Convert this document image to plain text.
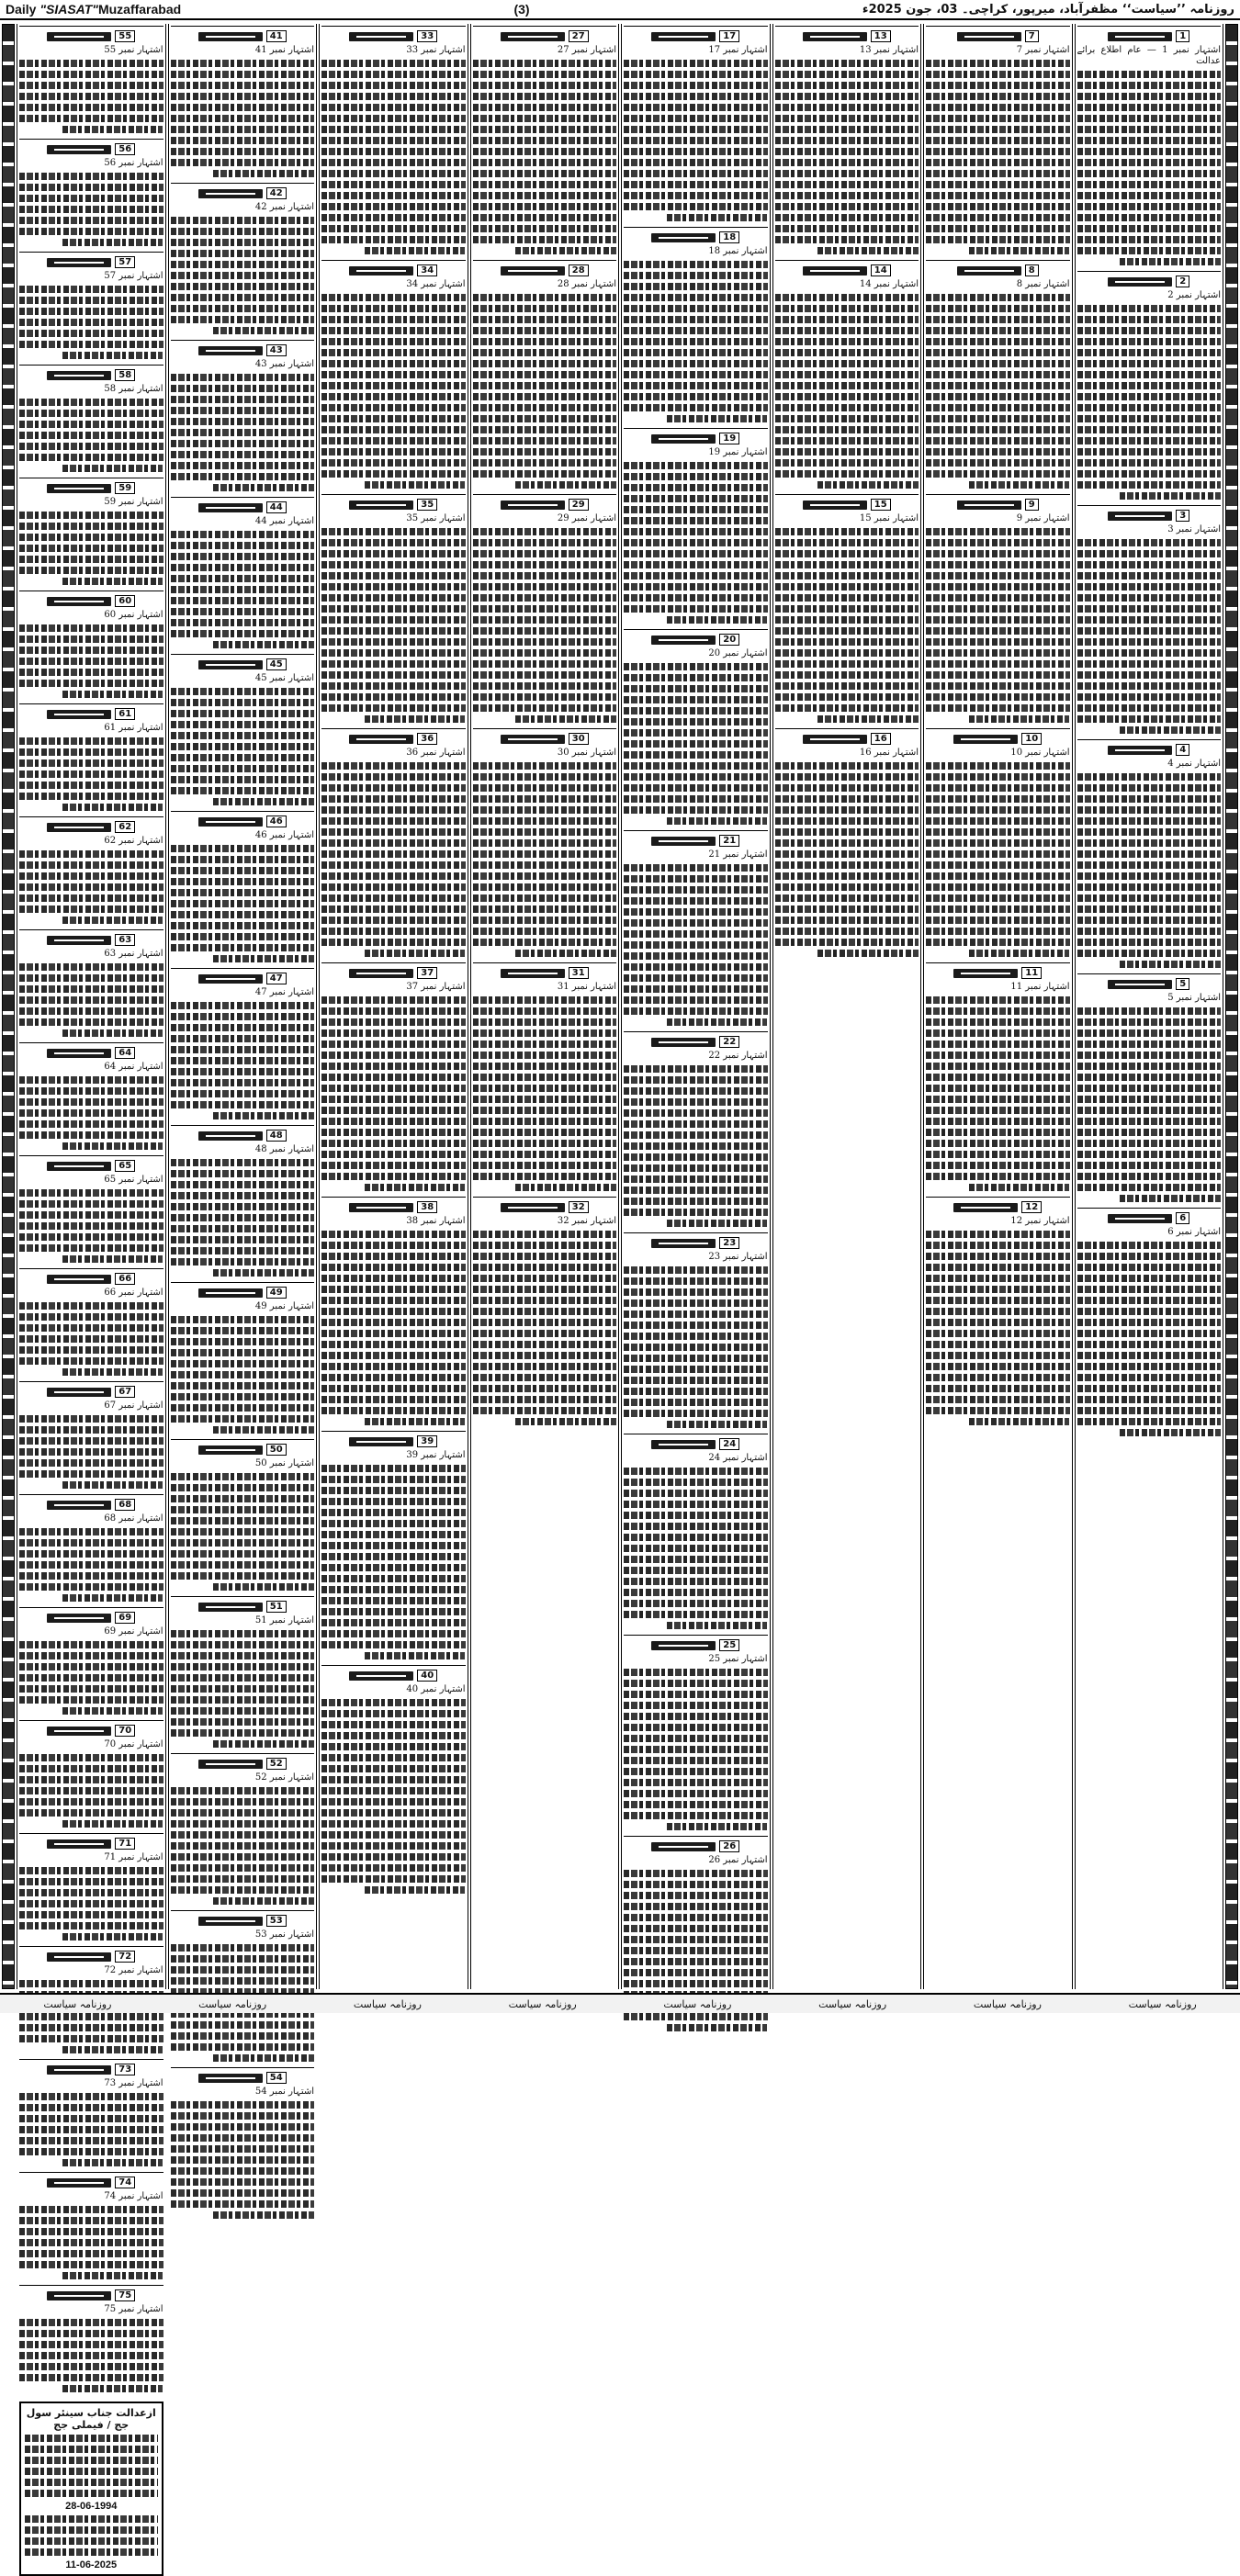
Daily "SIASAT"Muzaffarabad	(3)	روزنامہ ’’سیاست‘‘ مظفرآباد، میرپور، کراچی۔ 03، جون 2025ء
1
اشتہار نمبر 1 — عام اطلاع برائے عدالت
2
اشتہار نمبر 2
3
اشتہار نمبر 3
4
اشتہار نمبر 4
5
اشتہار نمبر 5
6
اشتہار نمبر 6
7
اشتہار نمبر 7
8
اشتہار نمبر 8
9
اشتہار نمبر 9
10
اشتہار نمبر 10
11
اشتہار نمبر 11
12
اشتہار نمبر 12
13
اشتہار نمبر 13
14
اشتہار نمبر 14
15
اشتہار نمبر 15
16
اشتہار نمبر 16
17
اشتہار نمبر 17
18
اشتہار نمبر 18
19
اشتہار نمبر 19
20
اشتہار نمبر 20
21
اشتہار نمبر 21
22
اشتہار نمبر 22
23
اشتہار نمبر 23
24
اشتہار نمبر 24
25
اشتہار نمبر 25
26
اشتہار نمبر 26
27
اشتہار نمبر 27
28
اشتہار نمبر 28
29
اشتہار نمبر 29
30
اشتہار نمبر 30
31
اشتہار نمبر 31
32
اشتہار نمبر 32
33
اشتہار نمبر 33
34
اشتہار نمبر 34
35
اشتہار نمبر 35
36
اشتہار نمبر 36
37
اشتہار نمبر 37
38
اشتہار نمبر 38
39
اشتہار نمبر 39
40
اشتہار نمبر 40
41
اشتہار نمبر 41
42
اشتہار نمبر 42
43
اشتہار نمبر 43
44
اشتہار نمبر 44
45
اشتہار نمبر 45
46
اشتہار نمبر 46
47
اشتہار نمبر 47
48
اشتہار نمبر 48
49
اشتہار نمبر 49
50
اشتہار نمبر 50
51
اشتہار نمبر 51
52
اشتہار نمبر 52
53
اشتہار نمبر 53
54
اشتہار نمبر 54
55
اشتہار نمبر 55
56
اشتہار نمبر 56
57
اشتہار نمبر 57
58
اشتہار نمبر 58
59
اشتہار نمبر 59
60
اشتہار نمبر 60
61
اشتہار نمبر 61
62
اشتہار نمبر 62
63
اشتہار نمبر 63
64
اشتہار نمبر 64
65
اشتہار نمبر 65
66
اشتہار نمبر 66
67
اشتہار نمبر 67
68
اشتہار نمبر 68
69
اشتہار نمبر 69
70
اشتہار نمبر 70
71
اشتہار نمبر 71
72
اشتہار نمبر 72
73
اشتہار نمبر 73
74
اشتہار نمبر 74
75
اشتہار نمبر 75
ازعدالت جناب سینئر سول جج / فیملی جج
28-06-1994
11-06-2025
روزنامہ سیاست
روزنامہ سیاست
روزنامہ سیاست
روزنامہ سیاست
روزنامہ سیاست
روزنامہ سیاست
روزنامہ سیاست
روزنامہ سیاست
